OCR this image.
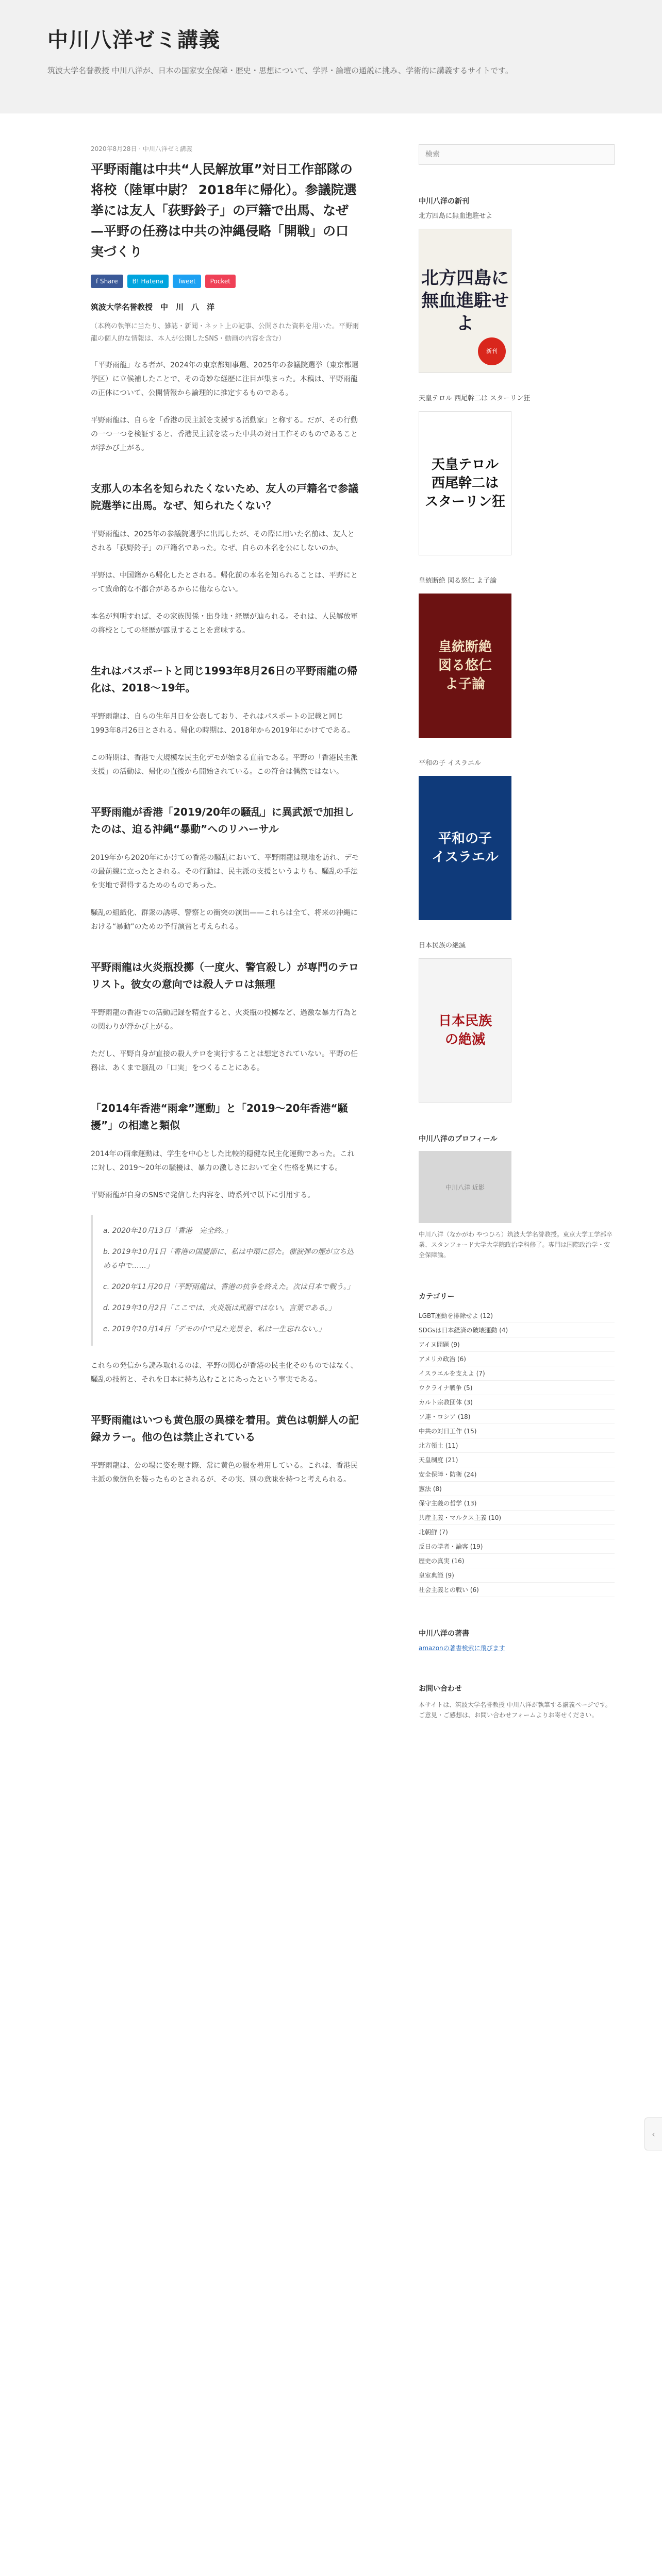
中川八洋ゼミ講義
筑波大学名誉教授 中川八洋が、日本の国家安全保障・歴史・思想について、学界・論壇の通説に挑み、学術的に講義するサイトです。
2020年8月28日 · 中川八洋ゼミ講義
平野雨龍は中共“人民解放軍”対日工作部隊の将校（陸軍中尉？ 2018年に帰化）。参議院選挙には友人「荻野鈴子」の戸籍で出馬、なぜ—平野の任務は中共の沖縄侵略「開戦」の口実づくり
f Share	B! Hatena	Tweet	Pocket
筑波大学名誉教授　中　川　八　洋

（本稿の執筆に当たり、雑誌・新聞・ネット上の記事、公開された資料を用いた。平野雨龍の個人的な情報は、本人が公開したSNS・動画の内容を含む）

「平野雨龍」なる者が、2024年の東京都知事選、2025年の参議院選挙（東京都選挙区）に立候補したことで、その奇妙な経歴に注目が集まった。本稿は、平野雨龍の正体について、公開情報から論理的に推定するものである。

平野雨龍は、自らを「香港の民主派を支援する活動家」と称する。だが、その行動の一つ一つを検証すると、香港民主派を装った中共の対日工作そのものであることが浮かび上がる。

支那人の本名を知られたくないため、友人の戸籍名で参議院選挙に出馬。なぜ、知られたくない？

平野雨龍は、2025年の参議院選挙に出馬したが、その際に用いた名前は、友人とされる「荻野鈴子」の戸籍名であった。なぜ、自らの本名を公にしないのか。

平野は、中国籍から帰化したとされる。帰化前の本名を知られることは、平野にとって致命的な不都合があるからに他ならない。

本名が判明すれば、その家族関係・出身地・経歴が辿られる。それは、人民解放軍の将校としての経歴が露見することを意味する。

生れはパスポートと同じ1993年8月26日の平野雨龍の帰化は、2018〜19年。

平野雨龍は、自らの生年月日を公表しており、それはパスポートの記載と同じ1993年8月26日とされる。帰化の時期は、2018年から2019年にかけてである。

この時期は、香港で大規模な民主化デモが始まる直前である。平野の「香港民主派支援」の活動は、帰化の直後から開始されている。この符合は偶然ではない。

平野雨龍が香港「2019/20年の騒乱」に異武派で加担したのは、迫る沖縄“暴動”へのリハーサル

2019年から2020年にかけての香港の騒乱において、平野雨龍は現地を訪れ、デモの最前線に立ったとされる。その行動は、民主派の支援というよりも、騒乱の手法を実地で習得するためのものであった。

騒乱の組織化、群衆の誘導、警察との衝突の演出——これらは全て、将来の沖縄における“暴動”のための予行演習と考えられる。

平野雨龍は火炎瓶投擲（一度火、警官殺し）が専門のテロリスト。彼女の意向では殺人テロは無理

平野雨龍の香港での活動記録を精査すると、火炎瓶の投擲など、過激な暴力行為との関わりが浮かび上がる。

ただし、平野自身が直接の殺人テロを実行することは想定されていない。平野の任務は、あくまで騒乱の「口実」をつくることにある。

「2014年香港“雨傘”運動」と「2019〜20年香港“騒擾”」の相違と類似

2014年の雨傘運動は、学生を中心とした比較的穏健な民主化運動であった。これに対し、2019〜20年の騒擾は、暴力の激しさにおいて全く性格を異にする。

平野雨龍が自身のSNSで発信した内容を、時系列で以下に引用する。

a. 2020年10月13日「香港　完全終。」

b. 2019年10月1日「香港の国慶節に、私は中環に居た。催涙弾の煙が立ち込める中で……」

c. 2020年11月20日「平野雨龍は、香港の抗争を終えた。次は日本で戦う。」

d. 2019年10月2日「ここでは、火炎瓶は武器ではない。言葉である。」

e. 2019年10月14日「デモの中で見た光景を、私は一生忘れない。」

これらの発信から読み取れるのは、平野の関心が香港の民主化そのものではなく、騒乱の技術と、それを日本に持ち込むことにあったという事実である。

平野雨龍はいつも黄色服の異様を着用。黄色は朝鮮人の記録カラー。他の色は禁止されている

平野雨龍は、公の場に姿を現す際、常に黄色の服を着用している。これは、香港民主派の象徴色を装ったものとされるが、その実、別の意味を持つと考えられる。

検索
中川八洋の新刊
北方四島に無血進駐せよ
北方四島に
無血進駐せよ
新刊
天皇テロル 西尾幹二は スターリン狂
天皇テロル
西尾幹二は
スターリン狂
皇統断絶 図る悠仁 よ子論
皇統断絶
図る悠仁
よ子論
平和の子 イスラエル
平和の子
イスラエル
日本民族の絶滅
日本民族
の絶滅
中川八洋のプロフィール
中川八洋 近影

中川八洋（なかがわ やつひろ）筑波大学名誉教授。東京大学工学部卒業、スタンフォード大学大学院政治学科修了。専門は国際政治学・安全保障論。

カテゴリー
LGBT運動を排除せよ (12)
SDGsは日本経済の破壊運動 (4)
アイヌ問題 (9)
アメリカ政治 (6)
イスラエルを支えよ (7)
ウクライナ戦争 (5)
カルト宗教団体 (3)
ソ連・ロシア (18)
中共の対日工作 (15)
北方領土 (11)
天皇制度 (21)
安全保障・防衛 (24)
憲法 (8)
保守主義の哲学 (13)
共産主義・マルクス主義 (10)
北朝鮮 (7)
反日の学者・論客 (19)
歴史の真実 (16)
皇室典範 (9)
社会主義との戦い (6)
中川八洋の著書
amazonの著書検索に飛びます
お問い合わせ

本サイトは、筑波大学名誉教授 中川八洋が執筆する講義ページです。ご意見・ご感想は、お問い合わせフォームよりお寄せください。

‹
